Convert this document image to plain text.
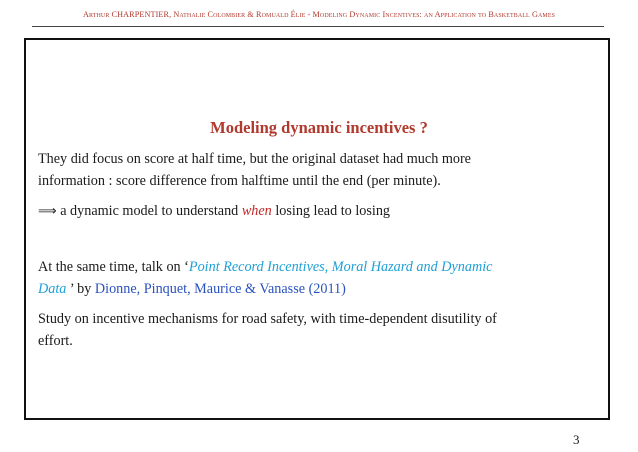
Arthur CHARPENTIER, Nathalie Colombier & Romuald Élie - Modeling Dynamic Incentives: an Application to Basketball Games
Modeling dynamic incentives ?
They did focus on score at half time, but the original dataset had much more
information : score difference from halftime until the end (per minute).
⟹ a dynamic model to understand when losing lead to losing
At the same time, talk on ‘Point Record Incentives, Moral Hazard and Dynamic
Data ’ by Dionne, Pinquet, Maurice & Vanasse (2011)
Study on incentive mechanisms for road safety, with time-dependent disutility of
effort.
3
